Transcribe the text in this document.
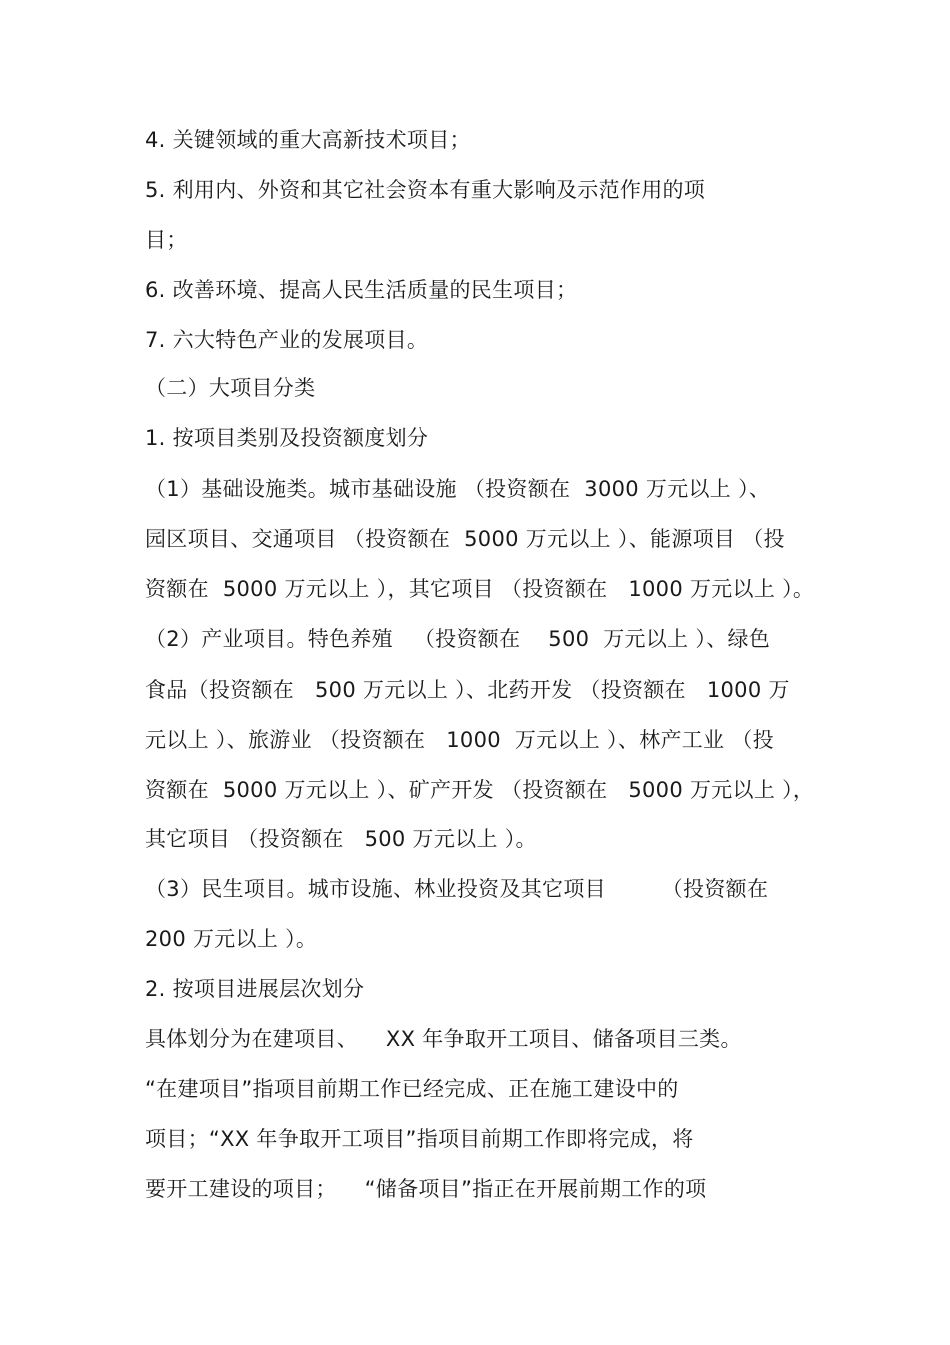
4. 关键领域的重大高新技术项目；
5. 利用内、外资和其它社会资本有重大影响及示范作用的项
目；
6. 改善环境、提高人民生活质量的民生项目；
7. 六大特色产业的发展项目。
（二）大项目分类
1. 按项目类别及投资额度划分
（1）基础设施类。城市基础设施 （投资额在  3000 万元以上 ）、
园区项目、交通项目 （投资额在  5000 万元以上 ）、能源项目 （投
资额在  5000 万元以上 ），其它项目 （投资额在   1000 万元以上 ）。
（2）产业项目。特色养殖   （投资额在    500  万元以上 ）、绿色
食品（投资额在   500 万元以上 ）、北药开发 （投资额在   1000 万
元以上 ）、旅游业 （投资额在   1000  万元以上 ）、林产工业 （投
资额在  5000 万元以上 ）、矿产开发 （投资额在   5000 万元以上 ），
其它项目 （投资额在   500 万元以上 ）。
（3）民生项目。城市设施、林业投资及其它项目        （投资额在
200 万元以上 ）。
2. 按项目进展层次划分
具体划分为在建项目、    XX 年争取开工项目、储备项目三类。
“在建项目”指项目前期工作已经完成、正在施工建设中的
项目；“XX 年争取开工项目”指项目前期工作即将完成，将
要开工建设的项目；    “储备项目”指正在开展前期工作的项
